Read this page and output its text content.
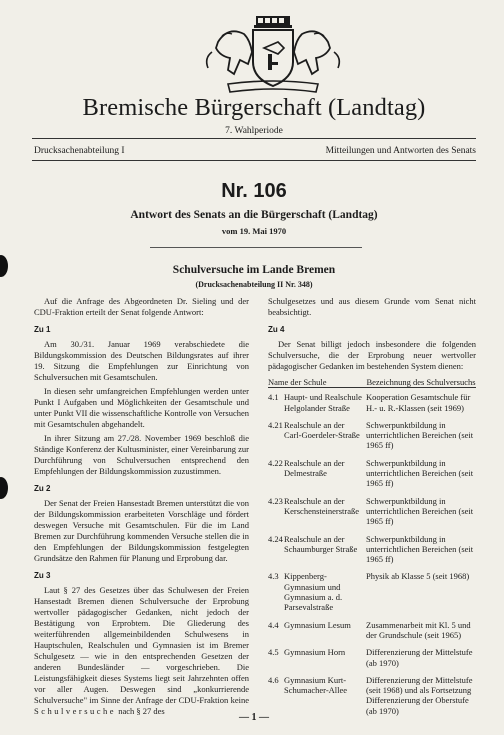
Bremische Bürgerschaft (Landtag)
7. Wahlperiode
Drucksachenabteilung I	Mitteilungen und Antworten des Senats
Nr. 106
Antwort des Senats an die Bürgerschaft (Landtag)
vom 19. Mai 1970
Schulversuche im Lande Bremen
(Drucksachenabteilung II Nr. 348)

Auf die Anfrage des Abgeordneten Dr. Sieling und der CDU-Fraktion erteilt der Senat folgende Antwort:

Zu 1

Am 30./31. Januar 1969 verabschiedete die Bildungskommission des Deutschen Bildungsrates auf ihrer 19. Sitzung die Empfehlungen zur Einrichtung von Schulversuchen mit Gesamtschulen.

In diesen sehr umfangreichen Empfehlungen werden unter Punkt I Aufgaben und Möglichkeiten der Gesamtschule und unter Punkt VII die wissenschaftliche Kontrolle von Versuchen mit Gesamtschulen abgehandelt.

In ihrer Sitzung am 27./28. November 1969 beschloß die Ständige Konferenz der Kultusminister, einer Vereinbarung zur Durchführung von Schulversuchen entsprechend den Empfehlungen der Bildungskommission zuzustimmen.

Zu 2

Der Senat der Freien Hansestadt Bremen unterstützt die von der Bildungskommission erarbeiteten Vorschläge und fördert deswegen Versuche mit Gesamtschulen. Für die im Land Bremen zur Durchführung kommenden Versuche stellen die in den Empfehlungen der Bildungskommission festgelegten Grundsätze den Rahmen für Planung und Erprobung dar.

Zu 3

Laut § 27 des Gesetzes über das Schulwesen der Freien Hansestadt Bremen dienen Schulversuche der Erprobung wertvoller pädagogischer Gedanken, nicht jedoch der Bestätigung von Erprobtem. Die Gliederung des weiterführenden allgemeinbildenden Schulwesens in Hauptschulen, Realschulen und Gymnasien ist im Bremer Schulgesetz — wie in den entsprechenden Gesetzen der anderen Bundesländer — vorgeschrieben. Die Leistungsfähigkeit dieses Systems liegt seit Jahrzehnten offen vor aller Augen. Deswegen sind „konkurrierende Schulversuche" im Sinne der Anfrage der CDU-Fraktion keine Schulversuche nach § 27 des

Schulgesetzes und aus diesem Grunde vom Senat nicht beabsichtigt.

Zu 4

Der Senat billigt jedoch insbesondere die folgenden Schulversuche, die der Erprobung neuer wertvoller pädagogischer Gedanken im bestehenden System dienen:

Name der Schule		Bezeichnung des Schulversuchs
4.1	Haupt- und Realschule Helgolander Straße	Kooperation Gesamtschule für H.- u. R.-Klassen (seit 1969)
4.21	Realschule an der Carl-Goerdeler-Straße	Schwerpunktbildung in unterrichtlichen Bereichen (seit 1965 ff)
4.22	Realschule an der Delmestraße	Schwerpunktbildung in unterrichtlichen Bereichen (seit 1965 ff)
4.23	Realschule an der Kerschensteinerstraße	Schwerpunktbildung in unterrichtlichen Bereichen (seit 1965 ff)
4.24	Realschule an der Schaumburger Straße	Schwerpunktbildung in unterrichtlichen Bereichen (seit 1965 ff)
4.3	Kippenberg-Gymnasium und Gymnasium a. d. Parsevalstraße	Physik ab Klasse 5 (seit 1968)
4.4	Gymnasium Lesum	Zusammenarbeit mit Kl. 5 und der Grundschule (seit 1965)
4.5	Gymnasium Horn	Differenzierung der Mittelstufe (ab 1970)
4.6	Gymnasium Kurt-Schumacher-Allee	Differenzierung der Mittelstufe (seit 1968) und als Fortsetzung Differenzierung der Oberstufe (ab 1970)
— 1 —
